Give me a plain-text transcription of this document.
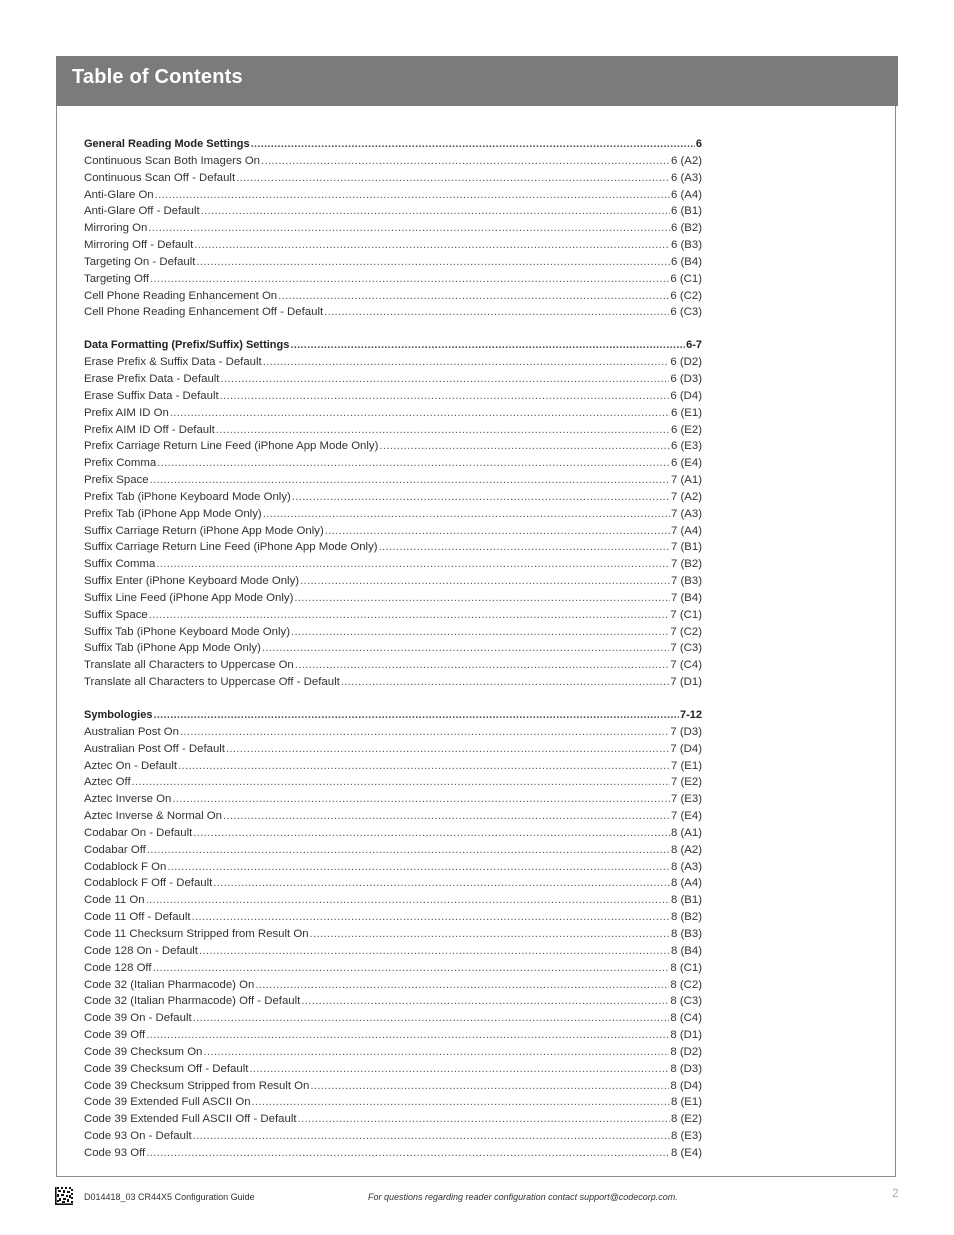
Table of Contents
General Reading Mode Settings .....	6
Continuous Scan Both Imagers On .....	6 (A2)
Continuous Scan Off - Default .....	6 (A3)
Anti-Glare On .....	6 (A4)
Anti-Glare Off - Default .....	6 (B1)
Mirroring On .....	6 (B2)
Mirroring Off - Default .....	6 (B3)
Targeting On - Default .....	6 (B4)
Targeting Off .....	6 (C1)
Cell Phone Reading Enhancement On .....	6 (C2)
Cell Phone Reading Enhancement Off - Default .....	6 (C3)
Data Formatting (Prefix/Suffix) Settings .....	6-7
Erase Prefix & Suffix Data - Default .....	6 (D2)
Erase Prefix Data - Default .....	6 (D3)
Erase Suffix Data - Default .....	6 (D4)
Prefix AIM ID On .....	6 (E1)
Prefix AIM ID Off - Default .....	6 (E2)
Prefix Carriage Return Line Feed (iPhone App Mode Only) .....	6 (E3)
Prefix Comma .....	6 (E4)
Prefix Space .....	7 (A1)
Prefix Tab (iPhone Keyboard Mode Only) .....	7 (A2)
Prefix Tab (iPhone App Mode Only) .....	7 (A3)
Suffix Carriage Return (iPhone App Mode Only) .....	7 (A4)
Suffix Carriage Return Line Feed (iPhone App Mode Only) .....	7 (B1)
Suffix Comma .....	7 (B2)
Suffix Enter (iPhone Keyboard Mode Only) .....	7 (B3)
Suffix Line Feed (iPhone App Mode Only) .....	7 (B4)
Suffix Space .....	7 (C1)
Suffix Tab (iPhone Keyboard Mode Only) .....	7 (C2)
Suffix Tab (iPhone App Mode Only) .....	7 (C3)
Translate all Characters to Uppercase On .....	7 (C4)
Translate all Characters to Uppercase Off - Default .....	7 (D1)
Symbologies .....	7-12
Australian Post On .....	7 (D3)
Australian Post Off - Default .....	7 (D4)
Aztec On - Default .....	7 (E1)
Aztec Off .....	7 (E2)
Aztec Inverse On .....	7 (E3)
Aztec Inverse & Normal On .....	7 (E4)
Codabar On - Default .....	8 (A1)
Codabar Off .....	8 (A2)
Codablock F On .....	8 (A3)
Codablock F Off - Default .....	8 (A4)
Code 11 On .....	8 (B1)
Code 11 Off - Default .....	8 (B2)
Code 11 Checksum Stripped from Result On .....	8 (B3)
Code 128 On - Default .....	8 (B4)
Code 128 Off .....	8 (C1)
Code 32 (Italian Pharmacode) On .....	8 (C2)
Code 32 (Italian Pharmacode) Off - Default .....	8 (C3)
Code 39 On - Default .....	8 (C4)
Code 39 Off .....	8 (D1)
Code 39 Checksum On .....	8 (D2)
Code 39 Checksum Off - Default .....	8 (D3)
Code 39 Checksum Stripped from Result On .....	8 (D4)
Code 39 Extended Full ASCII On .....	8 (E1)
Code 39 Extended Full ASCII Off - Default .....	8 (E2)
Code 93 On - Default .....	8 (E3)
Code 93 Off .....	8 (E4)
D014418_03 CR44X5 Configuration Guide	For questions regarding reader configuration contact support@codecorp.com.	2
